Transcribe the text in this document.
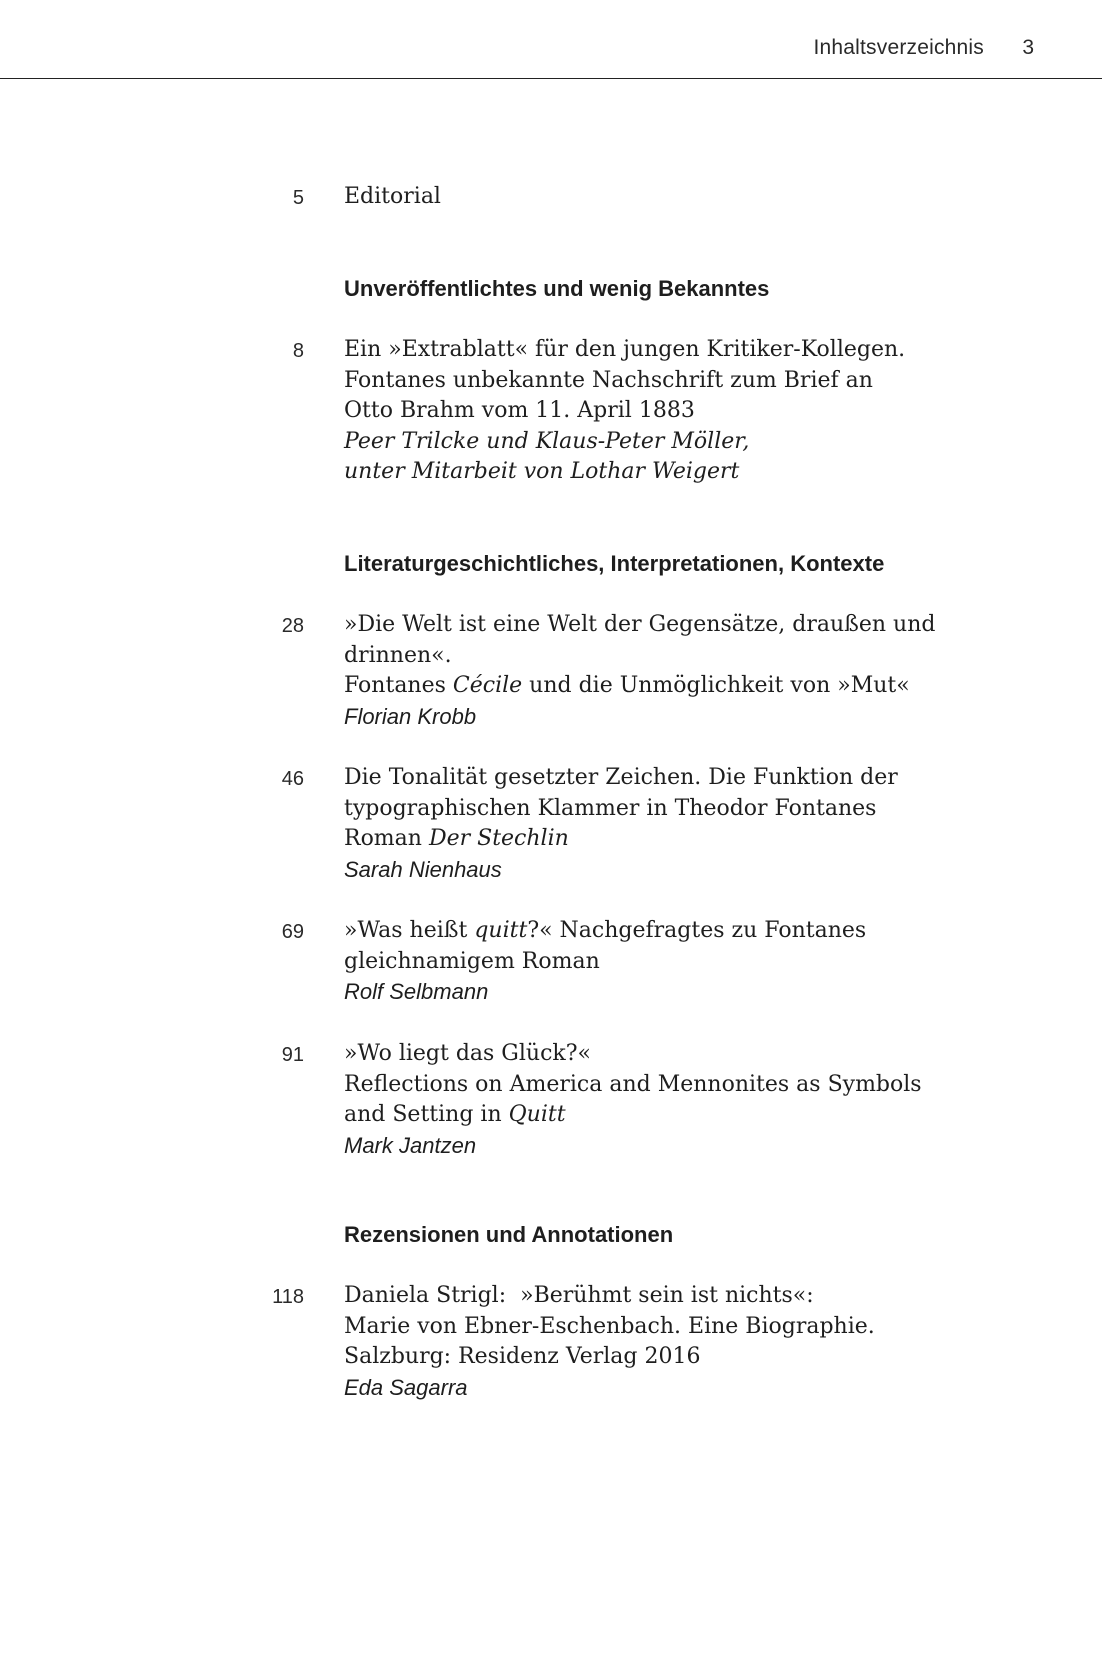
Inhaltsverzeichnis 3
5 Editorial
Unveröffentlichtes und wenig Bekanntes
8 Ein »Extrablatt« für den jungen Kritiker-Kollegen.
Fontanes unbekannte Nachschrift zum Brief an
Otto Brahm vom 11. April 1883
Peer Trilcke und Klaus-Peter Möller,
unter Mitarbeit von Lothar Weigert
Literaturgeschichtliches, Interpretationen, Kontexte
28 »Die Welt ist eine Welt der Gegensätze, draußen und
drinnen«.
Fontanes Cécile und die Unmöglichkeit von »Mut«
Florian Krobb
46 Die Tonalität gesetzter Zeichen. Die Funktion der
typographischen Klammer in Theodor Fontanes
Roman Der Stechlin
Sarah Nienhaus
69 »Was heißt quitt?« Nachgefragtes zu Fontanes
gleichnamigem Roman
Rolf Selbmann
91 »Wo liegt das Glück?«
Reflections on America and Mennonites as Symbols
and Setting in Quitt
Mark Jantzen
Rezensionen und Annotationen
118 Daniela Strigl:  »Berühmt sein ist nichts«:
Marie von Ebner-Eschenbach. Eine Biographie.
Salzburg: Residenz Verlag 2016
Eda Sagarra
